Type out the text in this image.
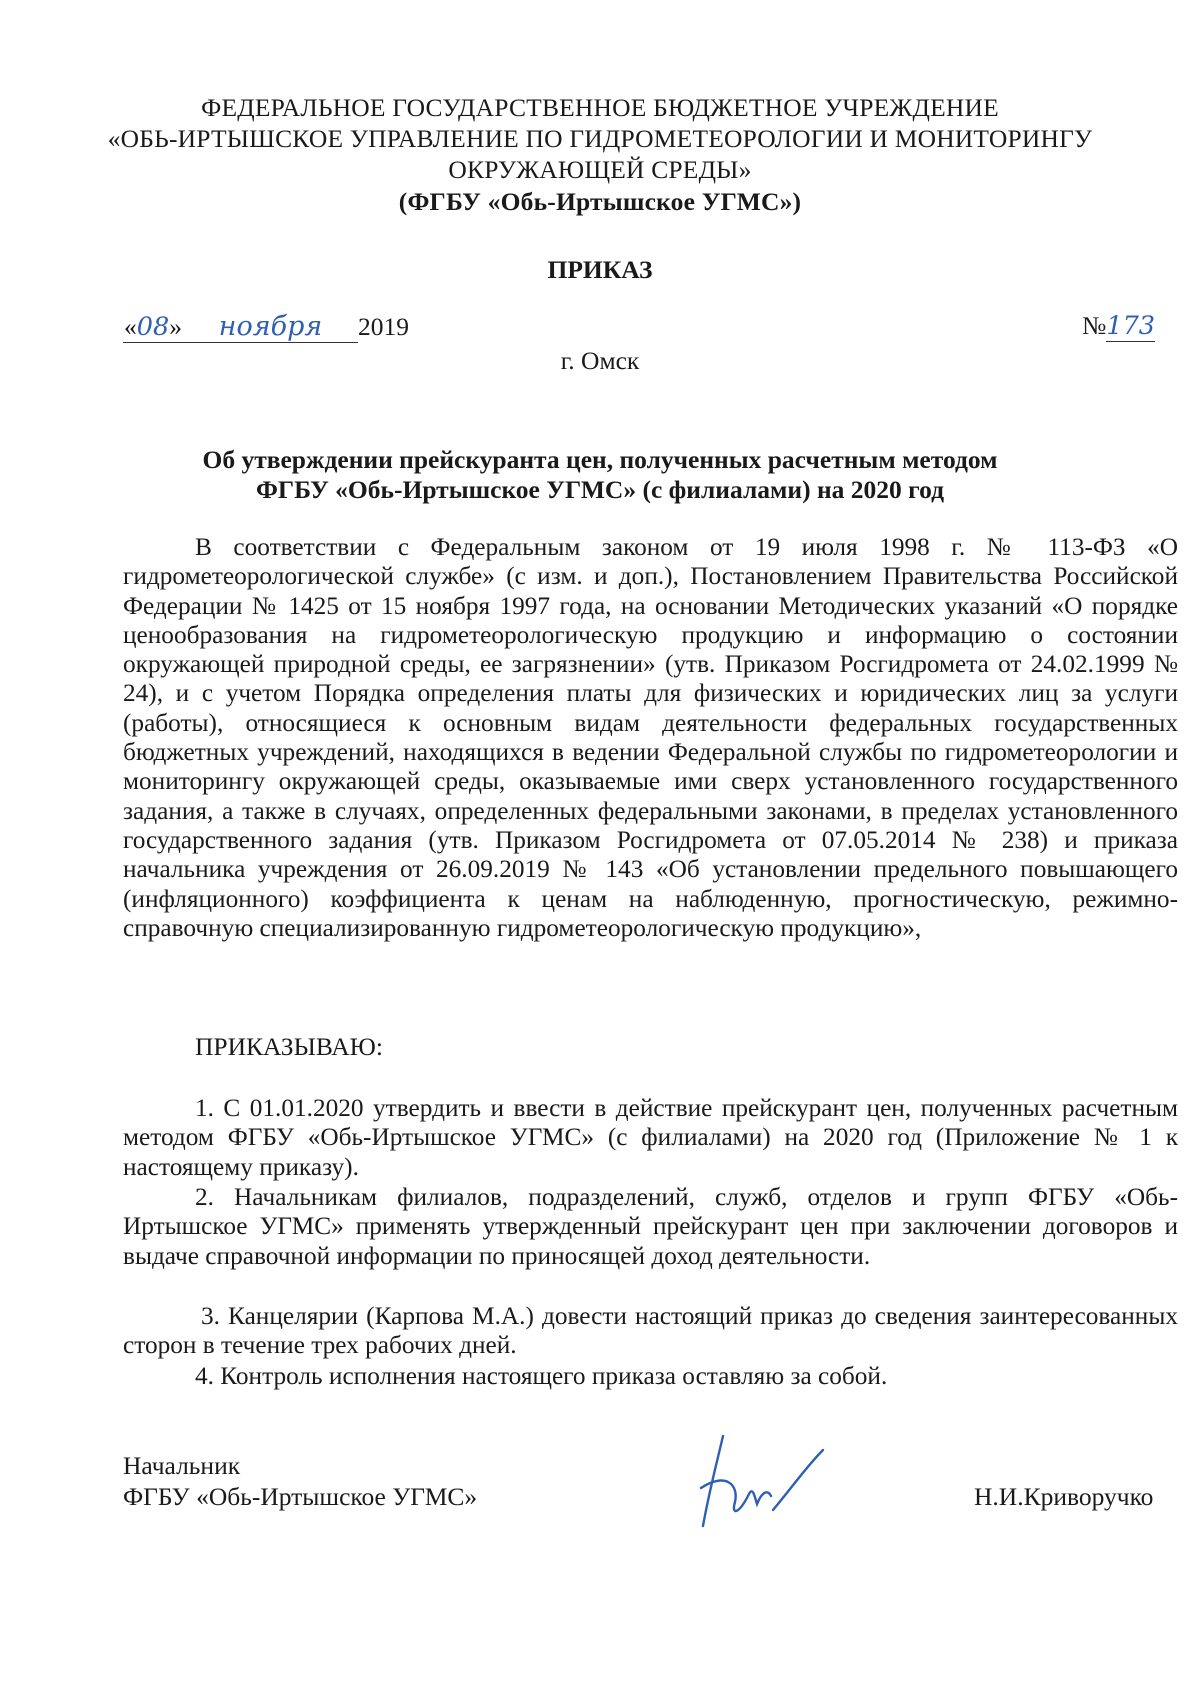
ФЕДЕРАЛЬНОЕ ГОСУДАРСТВЕННОЕ БЮДЖЕТНОЕ УЧРЕЖДЕНИЕ
«ОБЬ-ИРТЫШСКОЕ УПРАВЛЕНИЕ ПО ГИДРОМЕТЕОРОЛОГИИ И МОНИТОРИНГУ
ОКРУЖАЮЩЕЙ СРЕДЫ»
(ФГБУ «Обь-Иртышское УГМС»)
ПРИКАЗ
«08» ноября 2019	№173
г. Омск
Об утверждении прейскуранта цен, полученных расчетным методом
ФГБУ «Обь-Иртышское УГМС» (с филиалами) на 2020 год
В соответствии с Федеральным законом от 19 июля 1998 г. № 113-ФЗ «О гидрометеорологической службе» (с изм. и доп.), Постановлением Правительства Российской Федерации № 1425 от 15 ноября 1997 года, на основании Методических указаний «О порядке ценообразования на гидрометеорологическую продукцию и информацию о состоянии окружающей природной среды, ее загрязнении» (утв. Приказом Росгидромета от 24.02.1999 № 24), и с учетом Порядка определения платы для физических и юридических лиц за услуги (работы), относящиеся к основным видам деятельности федеральных государственных бюджетных учреждений, находящихся в ведении Федеральной службы по гидрометеорологии и мониторингу окружающей среды, оказываемые ими сверх установленного государственного задания, а также в случаях, определенных федеральными законами, в пределах установленного государственного задания (утв. Приказом Росгидромета от 07.05.2014 № 238) и приказа начальника учреждения от 26.09.2019 № 143 «Об установлении предельного повышающего (инфляционного) коэффициента к ценам на наблюденную, прогностическую, режимно-справочную специализированную гидрометеорологическую продукцию»,
ПРИКАЗЫВАЮ:
1. С 01.01.2020 утвердить и ввести в действие прейскурант цен, полученных расчетным методом ФГБУ «Обь-Иртышское УГМС» (с филиалами) на 2020 год (Приложение № 1 к настоящему приказу).
2. Начальникам филиалов, подразделений, служб, отделов и групп ФГБУ «Обь-Иртышское УГМС» применять утвержденный прейскурант цен при заключении договоров и выдаче справочной информации по приносящей доход деятельности.
3. Канцелярии (Карпова М.А.) довести настоящий приказ до сведения заинтересованных сторон в течение трех рабочих дней.
4. Контроль исполнения настоящего приказа оставляю за собой.
Начальник
ФГБУ «Обь-Иртышское УГМС»	Н.И.Криворучко
